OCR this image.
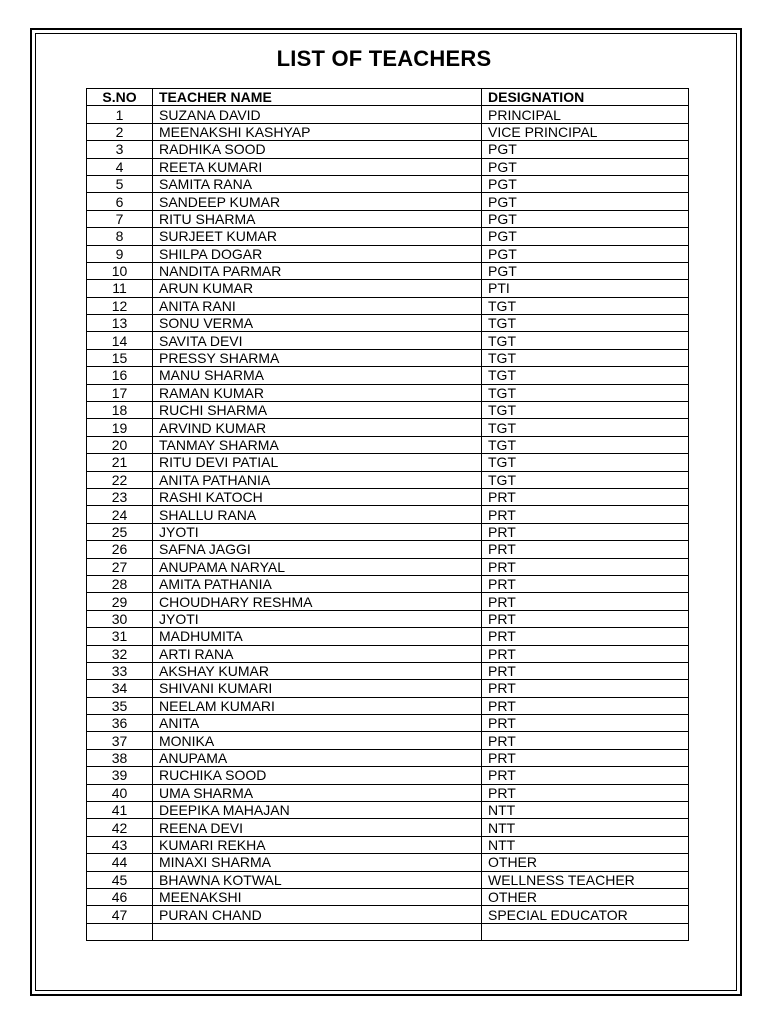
LIST OF TEACHERS
S.NO	TEACHER NAME	DESIGNATION
1	SUZANA DAVID	PRINCIPAL
2	MEENAKSHI KASHYAP	VICE PRINCIPAL
3	RADHIKA SOOD	PGT
4	REETA KUMARI	PGT
5	SAMITA RANA	PGT
6	SANDEEP KUMAR	PGT
7	RITU SHARMA	PGT
8	SURJEET KUMAR	PGT
9	SHILPA DOGAR	PGT
10	NANDITA PARMAR	PGT
11	ARUN KUMAR	PTI
12	ANITA RANI	TGT
13	SONU VERMA	TGT
14	SAVITA DEVI	TGT
15	PRESSY SHARMA	TGT
16	MANU SHARMA	TGT
17	RAMAN KUMAR	TGT
18	RUCHI SHARMA	TGT
19	ARVIND KUMAR	TGT
20	TANMAY SHARMA	TGT
21	RITU DEVI PATIAL	TGT
22	ANITA PATHANIA	TGT
23	RASHI KATOCH	PRT
24	SHALLU RANA	PRT
25	JYOTI	PRT
26	SAFNA JAGGI	PRT
27	ANUPAMA NARYAL	PRT
28	AMITA PATHANIA	PRT
29	CHOUDHARY RESHMA	PRT
30	JYOTI	PRT
31	MADHUMITA	PRT
32	ARTI RANA	PRT
33	AKSHAY KUMAR	PRT
34	SHIVANI KUMARI	PRT
35	NEELAM KUMARI	PRT
36	ANITA	PRT
37	MONIKA	PRT
38	ANUPAMA	PRT
39	RUCHIKA SOOD	PRT
40	UMA SHARMA	PRT
41	DEEPIKA MAHAJAN	NTT
42	REENA DEVI	NTT
43	KUMARI REKHA	NTT
44	MINAXI SHARMA	OTHER
45	BHAWNA KOTWAL	WELLNESS TEACHER
46	MEENAKSHI	OTHER
47	PURAN CHAND	SPECIAL EDUCATOR
